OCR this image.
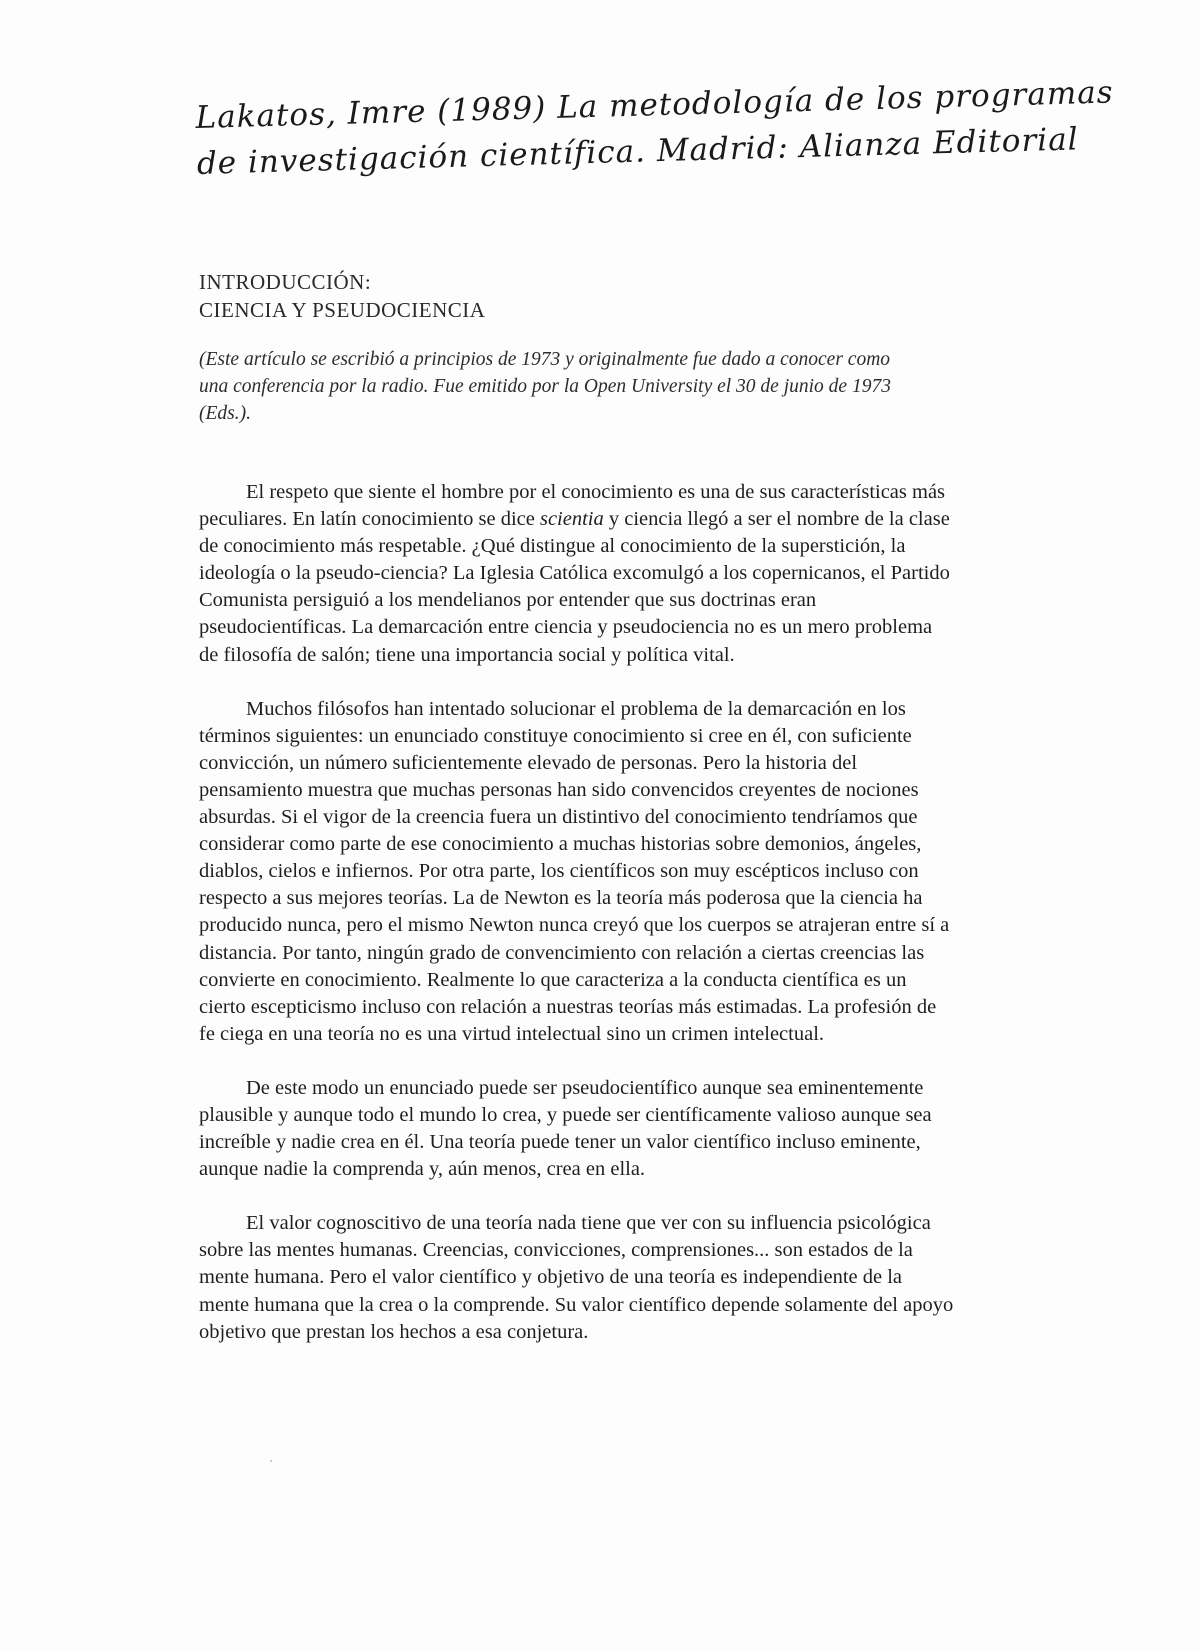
Lakatos, Imre (1989) La metodología de los programas
de investigación científica. Madrid: Alianza Editorial
INTRODUCCIÓN:
CIENCIA Y PSEUDOCIENCIA
(Este artículo se escribió a principios de 1973 y originalmente fue dado a conocer como
una conferencia por la radio. Fue emitido por la Open University el 30 de junio de 1973
(Eds.).
El respeto que siente el hombre por el conocimiento es una de sus características más
peculiares. En latín conocimiento se dice scientia y ciencia llegó a ser el nombre de la clase
de conocimiento más respetable. ¿Qué distingue al conocimiento de la superstición, la
ideología o la pseudo-ciencia? La Iglesia Católica excomulgó a los copernicanos, el Partido
Comunista persiguió a los mendelianos por entender que sus doctrinas eran
pseudocientíficas. La demarcación entre ciencia y pseudociencia no es un mero problema
de filosofía de salón; tiene una importancia social y política vital.
Muchos filósofos han intentado solucionar el problema de la demarcación en los
términos siguientes: un enunciado constituye conocimiento si cree en él, con suficiente
convicción, un número suficientemente elevado de personas. Pero la historia del
pensamiento muestra que muchas personas han sido convencidos creyentes de nociones
absurdas. Si el vigor de la creencia fuera un distintivo del conocimiento tendríamos que
considerar como parte de ese conocimiento a muchas historias sobre demonios, ángeles,
diablos, cielos e infiernos. Por otra parte, los científicos son muy escépticos incluso con
respecto a sus mejores teorías. La de Newton es la teoría más poderosa que la ciencia ha
producido nunca, pero el mismo Newton nunca creyó que los cuerpos se atrajeran entre sí a
distancia. Por tanto, ningún grado de convencimiento con relación a ciertas creencias las
convierte en conocimiento. Realmente lo que caracteriza a la conducta científica es un
cierto escepticismo incluso con relación a nuestras teorías más estimadas. La profesión de
fe ciega en una teoría no es una virtud intelectual sino un crimen intelectual.
De este modo un enunciado puede ser pseudocientífico aunque sea eminentemente
plausible y aunque todo el mundo lo crea, y puede ser científicamente valioso aunque sea
increíble y nadie crea en él. Una teoría puede tener un valor científico incluso eminente,
aunque nadie la comprenda y, aún menos, crea en ella.
El valor cognoscitivo de una teoría nada tiene que ver con su influencia psicológica
sobre las mentes humanas. Creencias, convicciones, comprensiones... son estados de la
mente humana. Pero el valor científico y objetivo de una teoría es independiente de la
mente humana que la crea o la comprende. Su valor científico depende solamente del apoyo
objetivo que prestan los hechos a esa conjetura.
